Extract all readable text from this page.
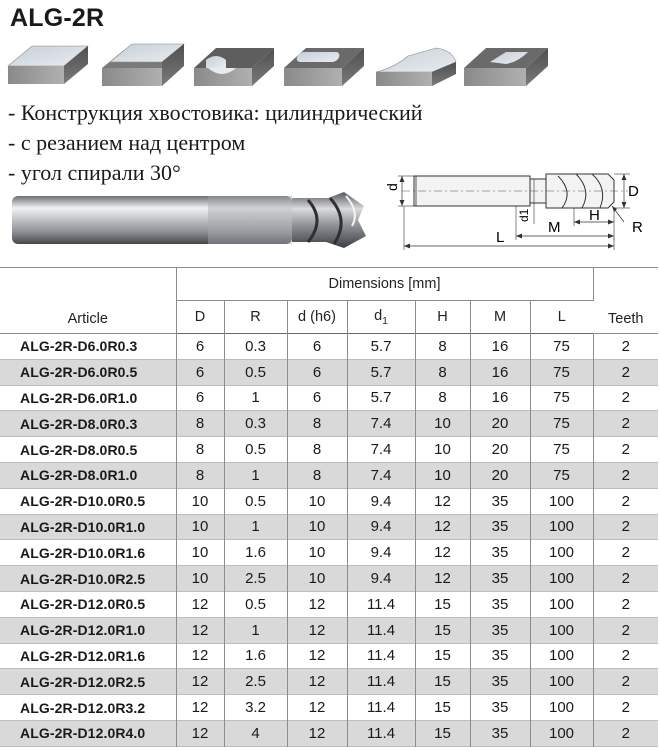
ALG-2R
- Конструкция хвостовика: цилиндрический
- с резанием над центром
- угол спирали 30°
d	D
d1	H
M	R
L
Article	Dimensions [mm]							Teeth
	D	R	d (h6)	$d_1$	H	M	L	
ALG-2R-D6.0R0.3	6	0.3	6	5.7	8	16	75	2
ALG-2R-D6.0R0.5	6	0.5	6	5.7	8	16	75	2
ALG-2R-D6.0R1.0	6	1	6	5.7	8	16	75	2
ALG-2R-D8.0R0.3	8	0.3	8	7.4	10	20	75	2
ALG-2R-D8.0R0.5	8	0.5	8	7.4	10	20	75	2
ALG-2R-D8.0R1.0	8	1	8	7.4	10	20	75	2
ALG-2R-D10.0R0.5	10	0.5	10	9.4	12	35	100	2
ALG-2R-D10.0R1.0	10	1	10	9.4	12	35	100	2
ALG-2R-D10.0R1.6	10	1.6	10	9.4	12	35	100	2
ALG-2R-D10.0R2.5	10	2.5	10	9.4	12	35	100	2
ALG-2R-D12.0R0.5	12	0.5	12	11.4	15	35	100	2
ALG-2R-D12.0R1.0	12	1	12	11.4	15	35	100	2
ALG-2R-D12.0R1.6	12	1.6	12	11.4	15	35	100	2
ALG-2R-D12.0R2.5	12	2.5	12	11.4	15	35	100	2
ALG-2R-D12.0R3.2	12	3.2	12	11.4	15	35	100	2
ALG-2R-D12.0R4.0	12	4	12	11.4	15	35	100	2
